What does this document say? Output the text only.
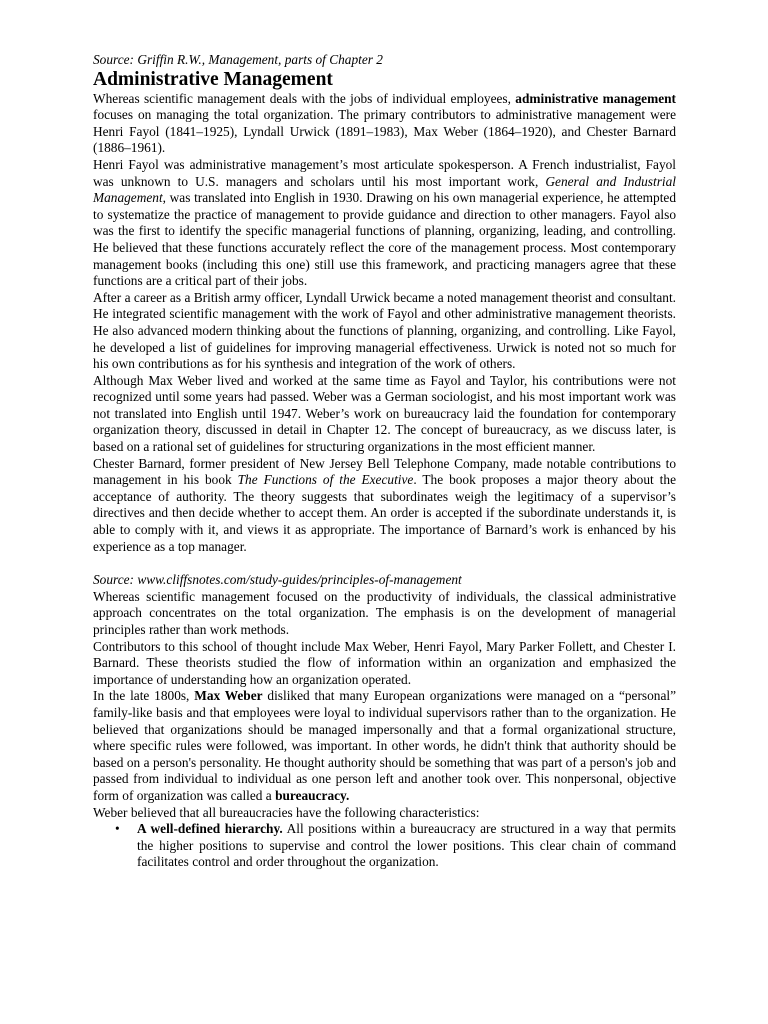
Source: Griffin R.W., Management, parts of Chapter 2

Administrative Management

Whereas scientific management deals with the jobs of individual employees, administrative management focuses on managing the total organization. The primary contributors to administrative management were Henri Fayol (1841–1925), Lyndall Urwick (1891–1983), Max Weber (1864–1920), and Chester Barnard (1886–1961).

Henri Fayol was administrative management’s most articulate spokesperson. A French industrialist, Fayol was unknown to U.S. managers and scholars until his most important work, General and Industrial Management, was translated into English in 1930. Drawing on his own managerial experience, he attempted to systematize the practice of management to provide guidance and direction to other managers. Fayol also was the first to identify the specific managerial functions of planning, organizing, leading, and controlling. He believed that these functions accurately reflect the core of the management process. Most contemporary management books (including this one) still use this framework, and practicing managers agree that these functions are a critical part of their jobs.

After a career as a British army officer, Lyndall Urwick became a noted management theorist and consultant. He integrated scientific management with the work of Fayol and other administrative management theorists. He also advanced modern thinking about the functions of planning, organizing, and controlling. Like Fayol, he developed a list of guidelines for improving managerial effectiveness. Urwick is noted not so much for his own contributions as for his synthesis and integration of the work of others.

Although Max Weber lived and worked at the same time as Fayol and Taylor, his contributions were not recognized until some years had passed. Weber was a German sociologist, and his most important work was not translated into English until 1947. Weber’s work on bureaucracy laid the foundation for contemporary organization theory, discussed in detail in Chapter 12. The concept of bureaucracy, as we discuss later, is based on a rational set of guidelines for structuring organizations in the most efficient manner.

Chester Barnard, former president of New Jersey Bell Telephone Company, made notable contributions to management in his book The Functions of the Executive. The book proposes a major theory about the acceptance of authority. The theory suggests that subordinates weigh the legitimacy of a supervisor’s directives and then decide whether to accept them. An order is accepted if the subordinate understands it, is able to comply with it, and views it as appropriate. The importance of Barnard’s work is enhanced by his experience as a top manager.

Source: www.cliffsnotes.com/study-guides/principles-of-management

Whereas scientific management focused on the productivity of individuals, the classical administrative approach concentrates on the total organization. The emphasis is on the development of managerial principles rather than work methods.

Contributors to this school of thought include Max Weber, Henri Fayol, Mary Parker Follett, and Chester I. Barnard. These theorists studied the flow of information within an organization and emphasized the importance of understanding how an organization operated.

In the late 1800s, Max Weber disliked that many European organizations were managed on a “personal” family-like basis and that employees were loyal to individual supervisors rather than to the organization. He believed that organizations should be managed impersonally and that a formal organizational structure, where specific rules were followed, was important. In other words, he didn't think that authority should be based on a person's personality. He thought authority should be something that was part of a person's job and passed from individual to individual as one person left and another took over. This nonpersonal, objective form of organization was called a bureaucracy.

Weber believed that all bureaucracies have the following characteristics:

• A well-defined hierarchy. All positions within a bureaucracy are structured in a way that permits the higher positions to supervise and control the lower positions. This clear chain of command facilitates control and order throughout the organization.
